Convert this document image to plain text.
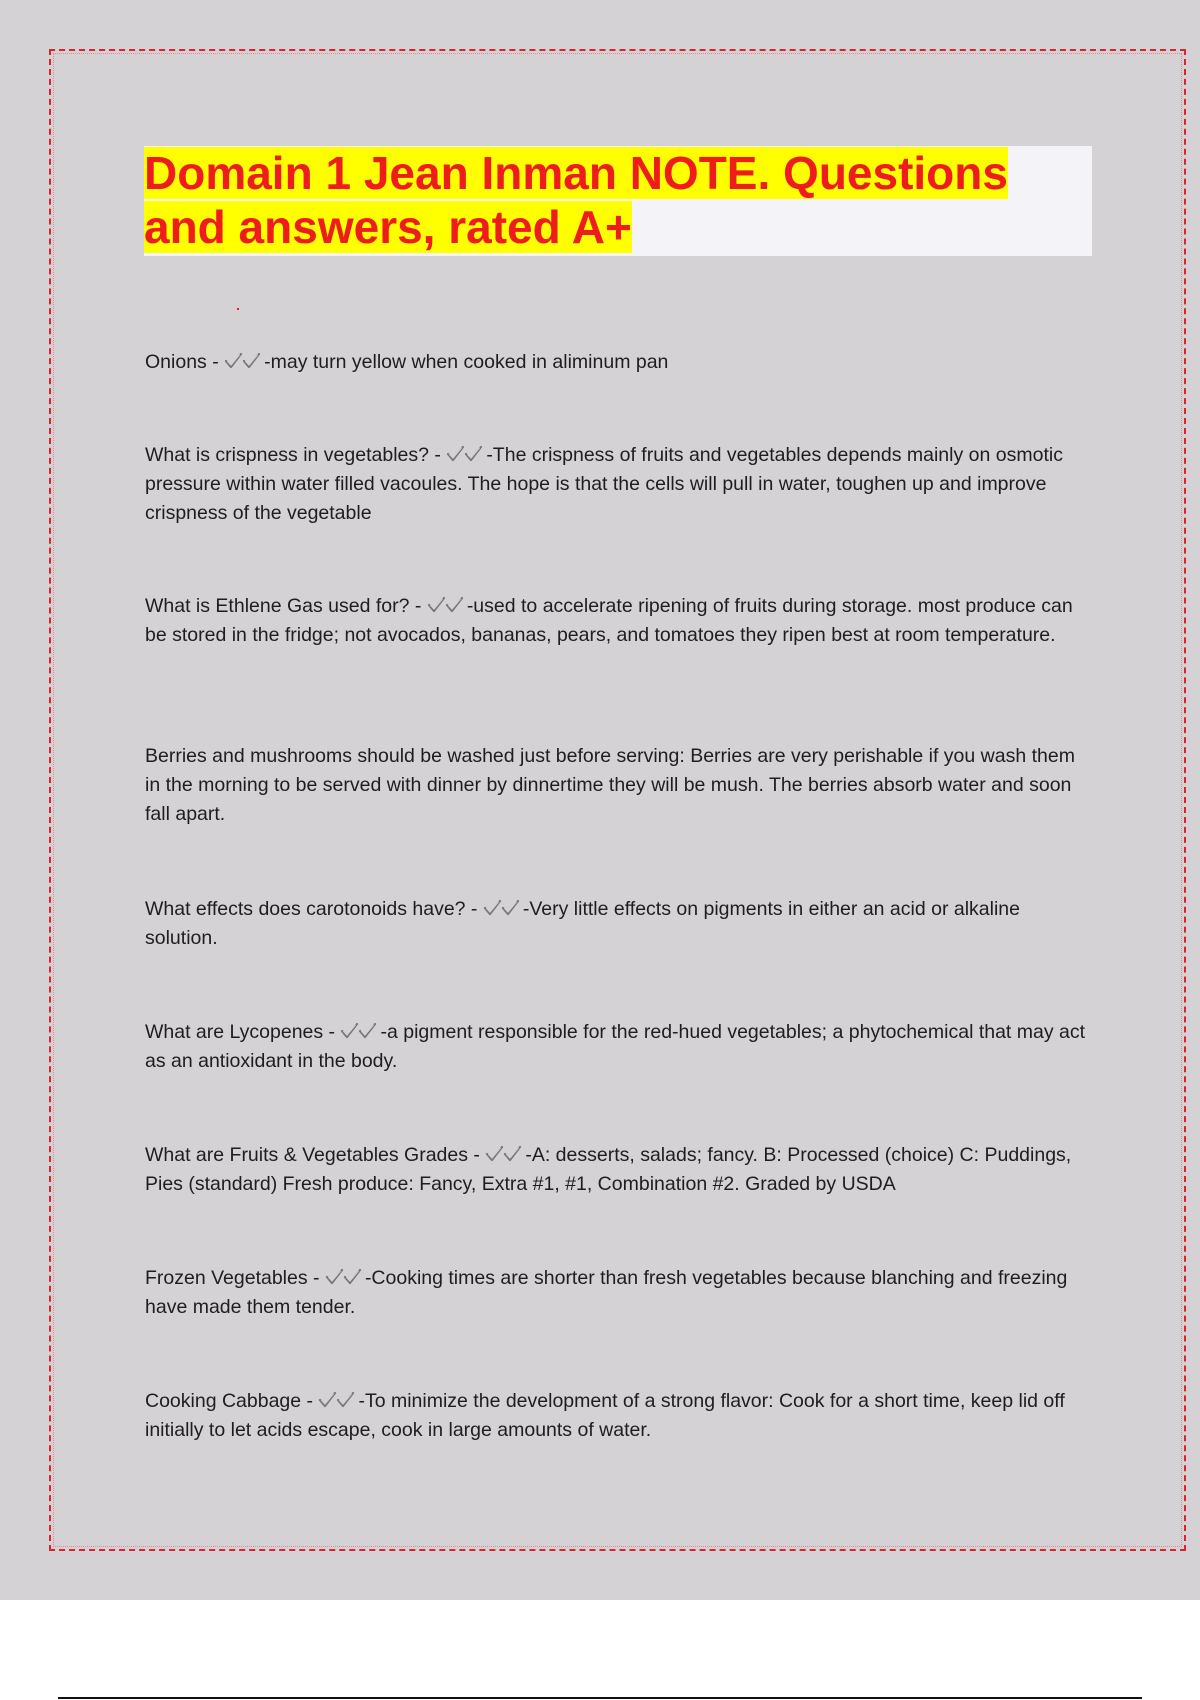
Domain 1 Jean Inman NOTE. Questions
and answers, rated A+

Onions -
-may turn yellow when cooked in aliminum pan

What is crispness in vegetables? -
-The crispness of fruits and vegetables depends mainly on osmotic pressure within water filled vacoules. The hope is that the cells will pull in water, toughen up and improve crispness of the vegetable

What is Ethlene Gas used for? -
-used to accelerate ripening of fruits during storage. most produce can be stored in the fridge; not avocados, bananas, pears, and tomatoes they ripen best at room temperature.

Berries and mushrooms should be washed just before serving: Berries are very perishable if you wash them in the morning to be served with dinner by dinnertime they will be mush. The berries absorb water and soon fall apart.

What effects does carotonoids have? -
-Very little effects on pigments in either an acid or alkaline solution.

What are Lycopenes -
-a pigment responsible for the red-hued vegetables; a phytochemical that may act as an antioxidant in the body.

What are Fruits & Vegetables Grades -
-A: desserts, salads; fancy. B: Processed (choice) C: Puddings, Pies (standard) Fresh produce: Fancy, Extra #1, #1, Combination #2. Graded by USDA

Frozen Vegetables -
-Cooking times are shorter than fresh vegetables because blanching and freezing have made them tender.

Cooking Cabbage -
-To minimize the development of a strong flavor: Cook for a short time, keep lid off initially to let acids escape, cook in large amounts of water.
